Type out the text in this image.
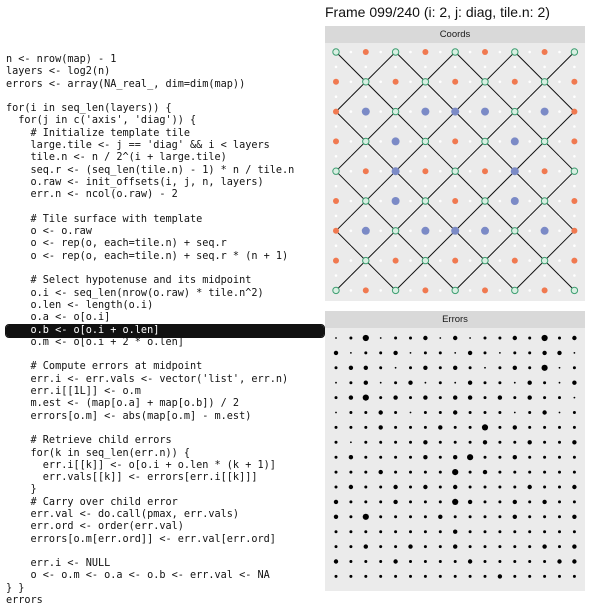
Frame 099/240 (i: 2, j: diag, tile.n: 2)
n <- nrow(map) - 1
layers <- log2(n)
errors <- array(NA_real_, dim=dim(map))

for(i in seq_len(layers)) {
for(j in c('axis', 'diag')) {
# Initialize template tile
large.tile <- j == 'diag' && i < layers
tile.n <- n / 2^(i + large.tile)
seq.r <- (seq_len(tile.n) - 1) * n / tile.n
o.raw <- init_offsets(i, j, n, layers)
err.n <- ncol(o.raw) - 2

# Tile surface with template
o <- o.raw
o <- rep(o, each=tile.n) + seq.r
o <- rep(o, each=tile.n) + seq.r * (n + 1)

# Select hypotenuse and its midpoint
o.i <- seq_len(nrow(o.raw) * tile.n^2)
o.len <- length(o.i)
o.a <- o[o.i]
o.b <- o[o.i + o.len]
o.m <- o[o.i + 2 * o.len]

# Compute errors at midpoint
err.i <- err.vals <- vector('list', err.n)
err.i[[1L]] <- o.m
m.est <- (map[o.a] + map[o.b]) / 2
errors[o.m] <- abs(map[o.m] - m.est)

# Retrieve child errors
for(k in seq_len(err.n)) {
err.i[[k]] <- o[o.i + o.len * (k + 1)]
err.vals[[k]] <- errors[err.i[[k]]]
}
# Carry over child error
err.val <- do.call(pmax, err.vals)
err.ord <- order(err.val)
errors[o.m[err.ord]] <- err.val[err.ord]

err.i <- NULL
o <- o.m <- o.a <- o.b <- err.val <- NA
} }
errors
Coords
Errors
